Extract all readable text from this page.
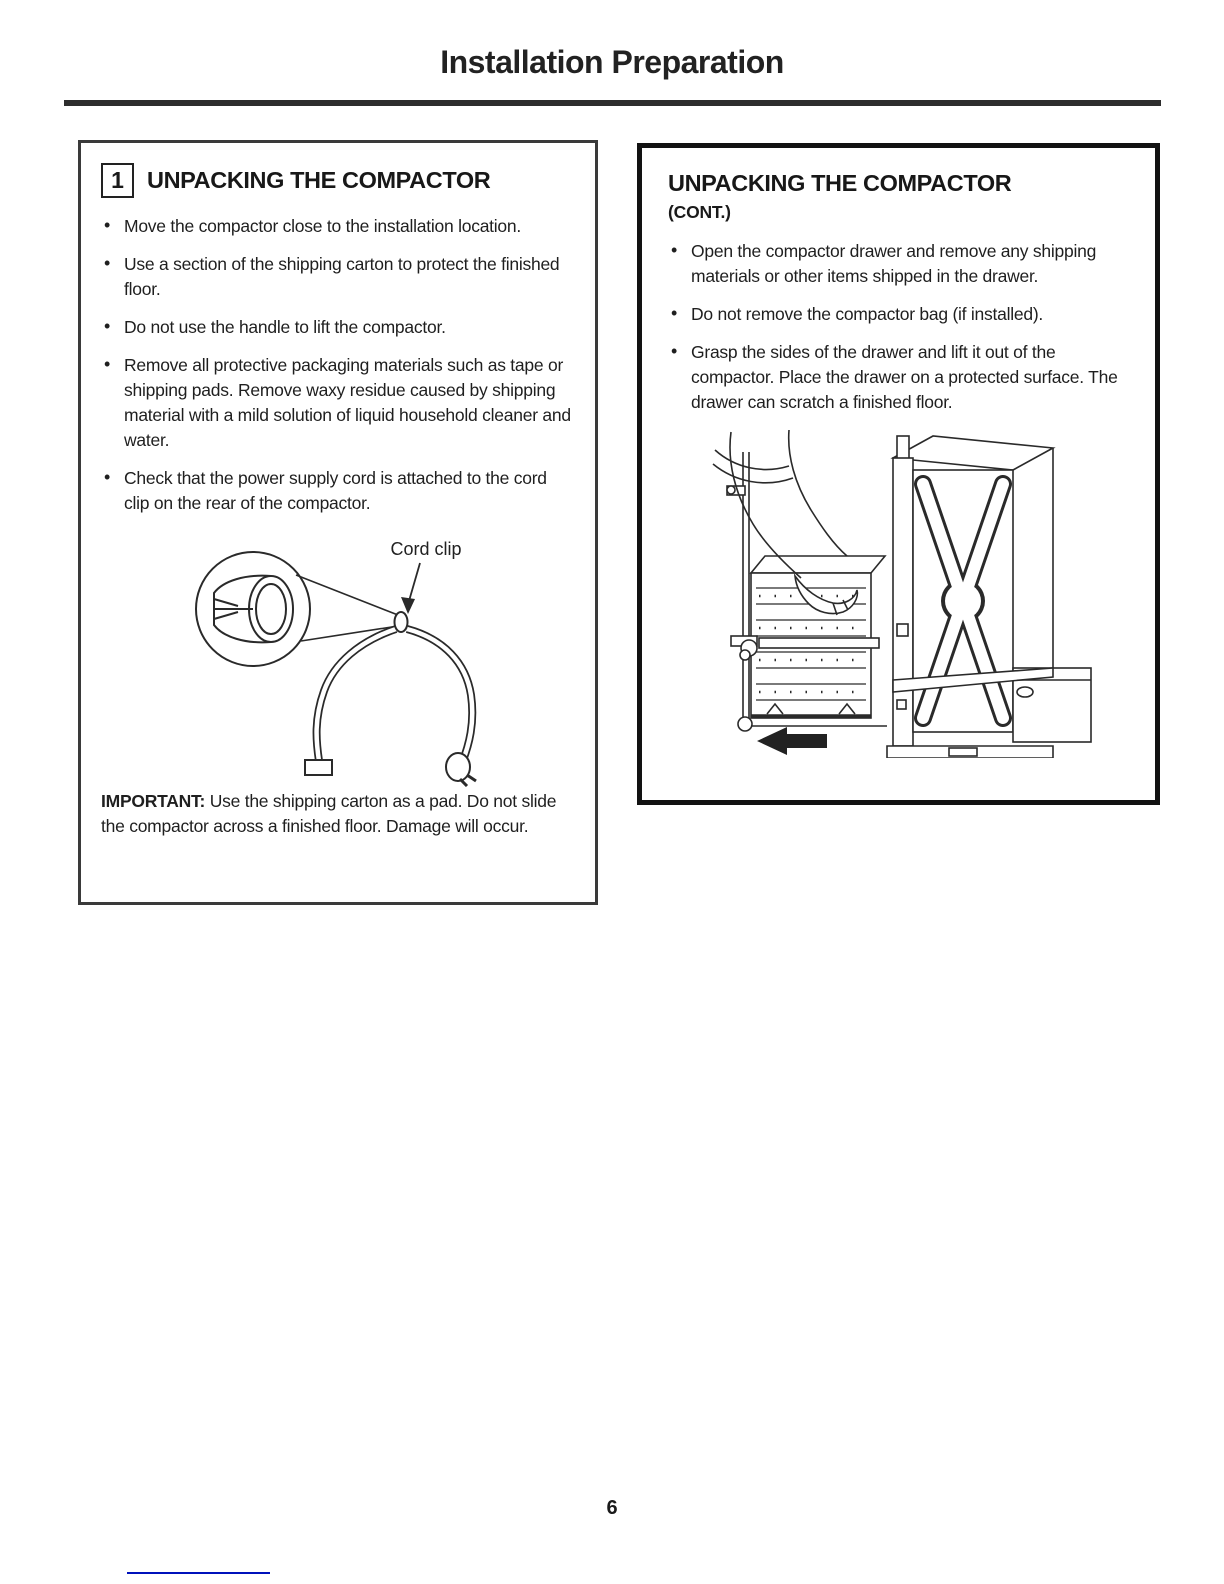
Installation Preparation
1 UNPACKING THE COMPACTOR
• Move the compactor close to the installation location.
• Use a section of the shipping carton to protect the finished floor.
• Do not use the handle to lift the compactor.
• Remove all protective packaging materials such as tape or shipping pads. Remove waxy residue caused by shipping material with a mild solution of liquid household cleaner and water.
• Check that the power supply cord is attached to the cord clip on the rear of the compactor.
Cord clip
IMPORTANT: Use the shipping carton as a pad. Do not slide the compactor across a finished floor. Damage will occur.
UNPACKING THE COMPACTOR
(CONT.)
• Open the compactor drawer and remove any shipping materials or other items shipped in the drawer.
• Do not remove the compactor bag (if installed).
• Grasp the sides of the drawer and lift it out of the compactor. Place the drawer on a protected surface. The drawer can scratch a finished floor.
6
